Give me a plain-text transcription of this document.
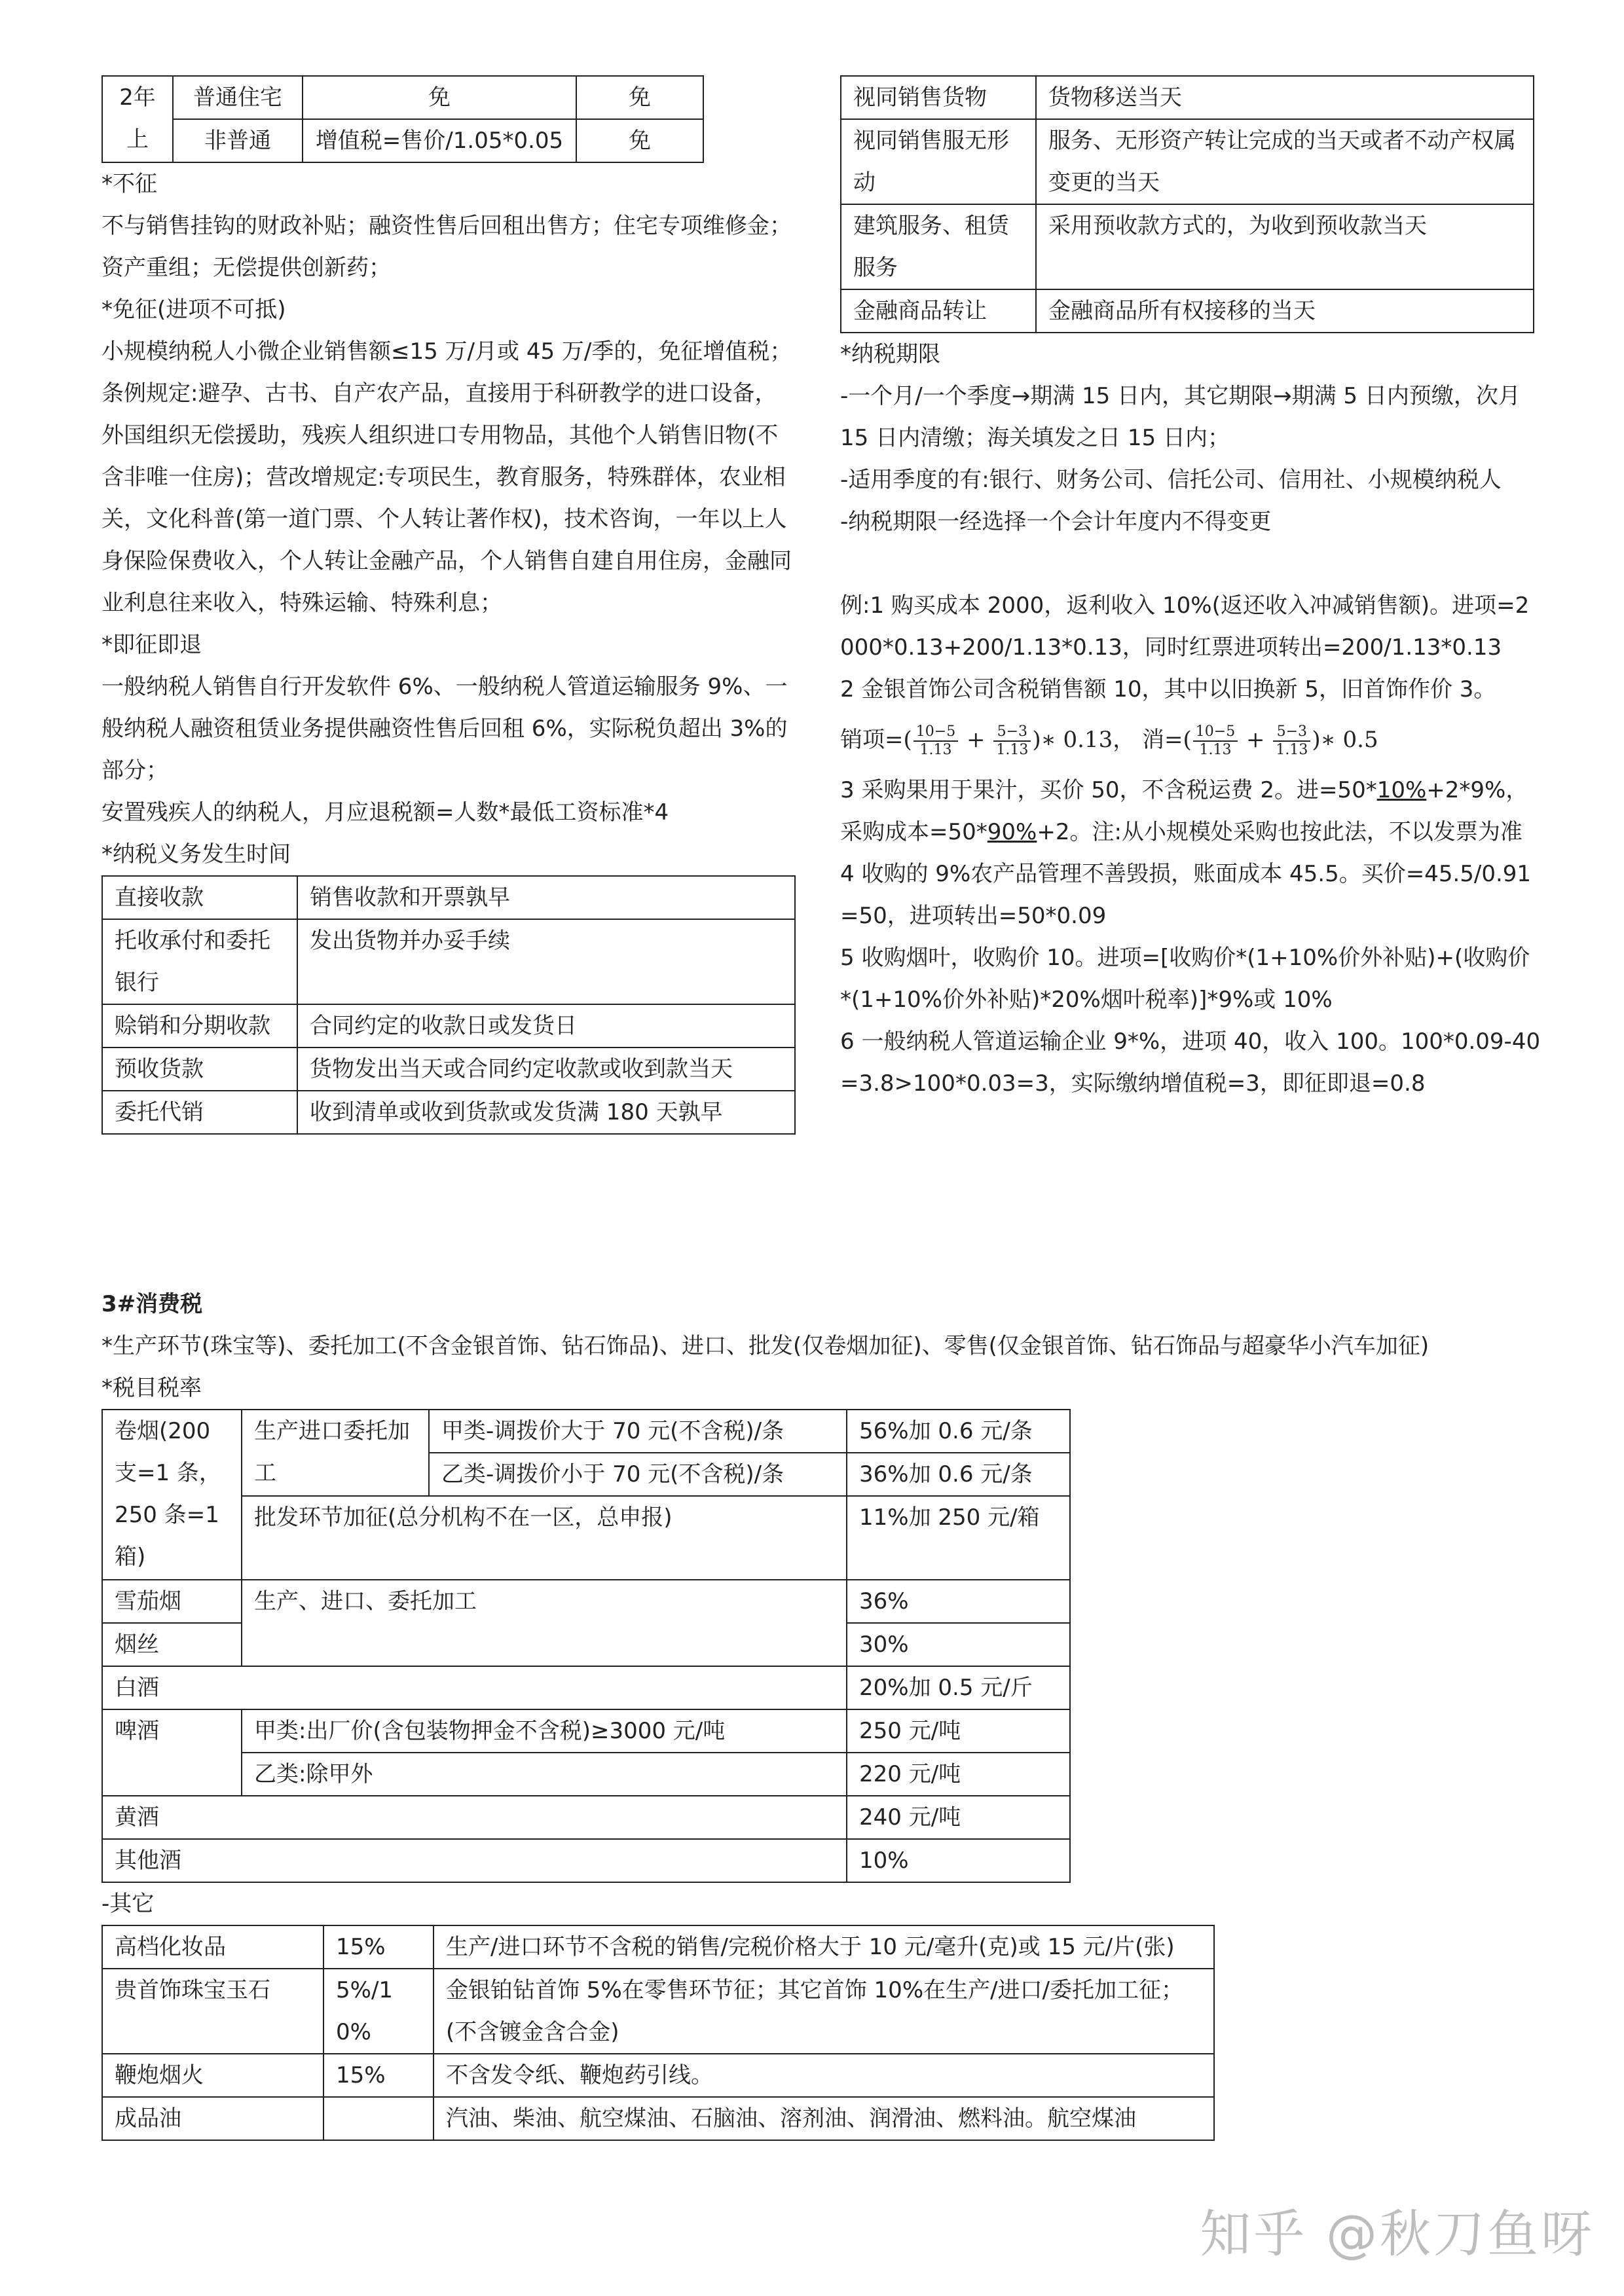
2年上	普通住宅	免	免
	非普通	增值税=售价/1.05*0.05	免

*不征

不与销售挂钩的财政补贴；融资性售后回租出售方；住宅专项维修金；资产重组；无偿提供创新药；

*免征(进项不可抵)

小规模纳税人小微企业销售额≤15 万/月或 45 万/季的，免征增值税；

条例规定:避孕、古书、自产农产品，直接用于科研教学的进口设备，外国组织无偿援助，残疾人组织进口专用物品，其他个人销售旧物(不含非唯一住房)；营改增规定:专项民生，教育服务，特殊群体，农业相关，文化科普(第一道门票、个人转让著作权)，技术咨询，一年以上人身保险保费收入，个人转让金融产品，个人销售自建自用住房，金融同业利息往来收入，特殊运输、特殊利息；

*即征即退

一般纳税人销售自行开发软件 6%、一般纳税人管道运输服务 9%、一般纳税人融资租赁业务提供融资性售后回租 6%，实际税负超出 3%的部分；

安置残疾人的纳税人，月应退税额=人数*最低工资标准*4

*纳税义务发生时间

直接收款	销售收款和开票孰早
托收承付和委托银行	发出货物并办妥手续
赊销和分期收款	合同约定的收款日或发货日
预收货款	货物发出当天或合同约定收款或收到款当天
委托代销	收到清单或收到货款或发货满 180 天孰早
视同销售货物	货物移送当天
视同销售服无形动	服务、无形资产转让完成的当天或者不动产权属变更的当天
建筑服务、租赁服务	采用预收款方式的，为收到预收款当天
金融商品转让	金融商品所有权接移的当天

*纳税期限

-一个月/一个季度→期满 15 日内，其它期限→期满 5 日内预缴，次月 15 日内清缴；海关填发之日 15 日内；

-适用季度的有:银行、财务公司、信托公司、信用社、小规模纳税人

-纳税期限一经选择一个会计年度内不得变更

例:1 购买成本 2000，返利收入 10%(返还收入冲减销售额)。进项=2000*0.13+200/1.13*0.13，同时红票进项转出=200/1.13*0.13

2 金银首饰公司含税销售额 10，其中以旧换新 5，旧首饰作价 3。

销项=( $\frac{10-5}{1.13} + \frac{5-3}{1.13}$ )∗ 0.13， 消=( $\frac{10-5}{1.13} + \frac{5-3}{1.13}$ )∗ 0.5

3 采购果用于果汁，买价 50，不含税运费 2。进=50*10%+2*9%，采购成本=50*90%+2。注:从小规模处采购也按此法，不以发票为准

4 收购的 9%农产品管理不善毁损，账面成本 45.5。买价=45.5/0.91=50，进项转出=50*0.09

5 收购烟叶，收购价 10。进项=[收购价*(1+10%价外补贴)+(收购价*(1+10%价外补贴)*20%烟叶税率)]*9%或 10%

6 一般纳税人管道运输企业 9*%，进项 40，收入 100。100*0.09-40=3.8>100*0.03=3，实际缴纳增值税=3，即征即退=0.8

3#消费税

*生产环节(珠宝等)、委托加工(不含金银首饰、钻石饰品)、进口、批发(仅卷烟加征)、零售(仅金银首饰、钻石饰品与超豪华小汽车加征)

*税目税率

卷烟(200支=1 条，250 条=1 箱)	生产进口委托加工	甲类-调拨价大于 70 元(不含税)/条	56%加 0.6 元/条
		乙类-调拨价小于 70 元(不含税)/条	36%加 0.6 元/条
	批发环节加征(总分机构不在一区，总申报)		11%加 250 元/箱
雪茄烟	生产、进口、委托加工		36%
烟丝			30%
白酒			20%加 0.5 元/斤
啤酒	甲类:出厂价(含包装物押金不含税)≥3000 元/吨		250 元/吨
	乙类:除甲外		220 元/吨
黄酒			240 元/吨
其他酒			10%

-其它

高档化妆品	15%	生产/进口环节不含税的销售/完税价格大于 10 元/毫升(克)或 15 元/片(张)
贵首饰珠宝玉石	5%/10%	金银铂钻首饰 5%在零售环节征；其它首饰 10%在生产/进口/委托加工征；(不含镀金含合金)
鞭炮烟火	15%	不含发令纸、鞭炮药引线。
成品油		汽油、柴油、航空煤油、石脑油、溶剂油、润滑油、燃料油。航空煤油
知乎 @秋刀鱼呀
